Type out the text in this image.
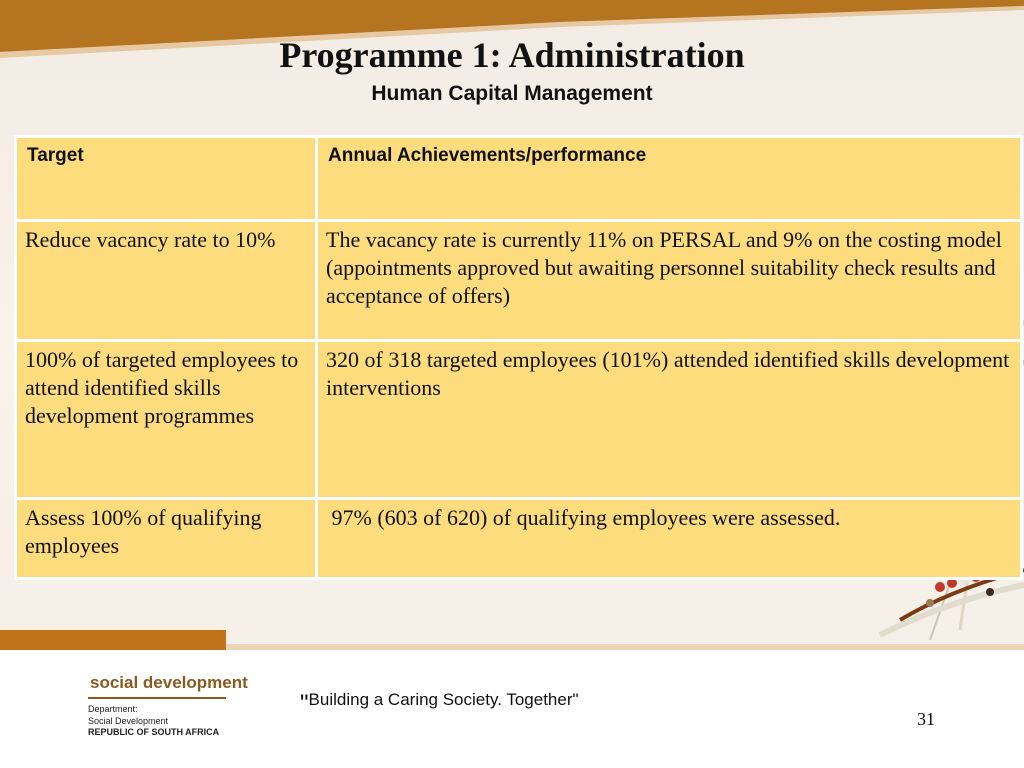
Programme 1: Administration
Human Capital Management
Target	Annual Achievements/performance
Reduce vacancy rate to 10%	The vacancy rate is currently 11% on PERSAL and 9% on the costing model (appointments approved but awaiting personnel suitability check results and acceptance of offers)
100% of targeted employees to attend identified skills development programmes	320 of 318 targeted employees (101%) attended identified skills development interventions
Assess 100% of qualifying employees	97% (603 of 620) of qualifying employees were assessed.
social development
Department:
Social Development
REPUBLIC OF SOUTH AFRICA
"Building a Caring Society. Together"
31
